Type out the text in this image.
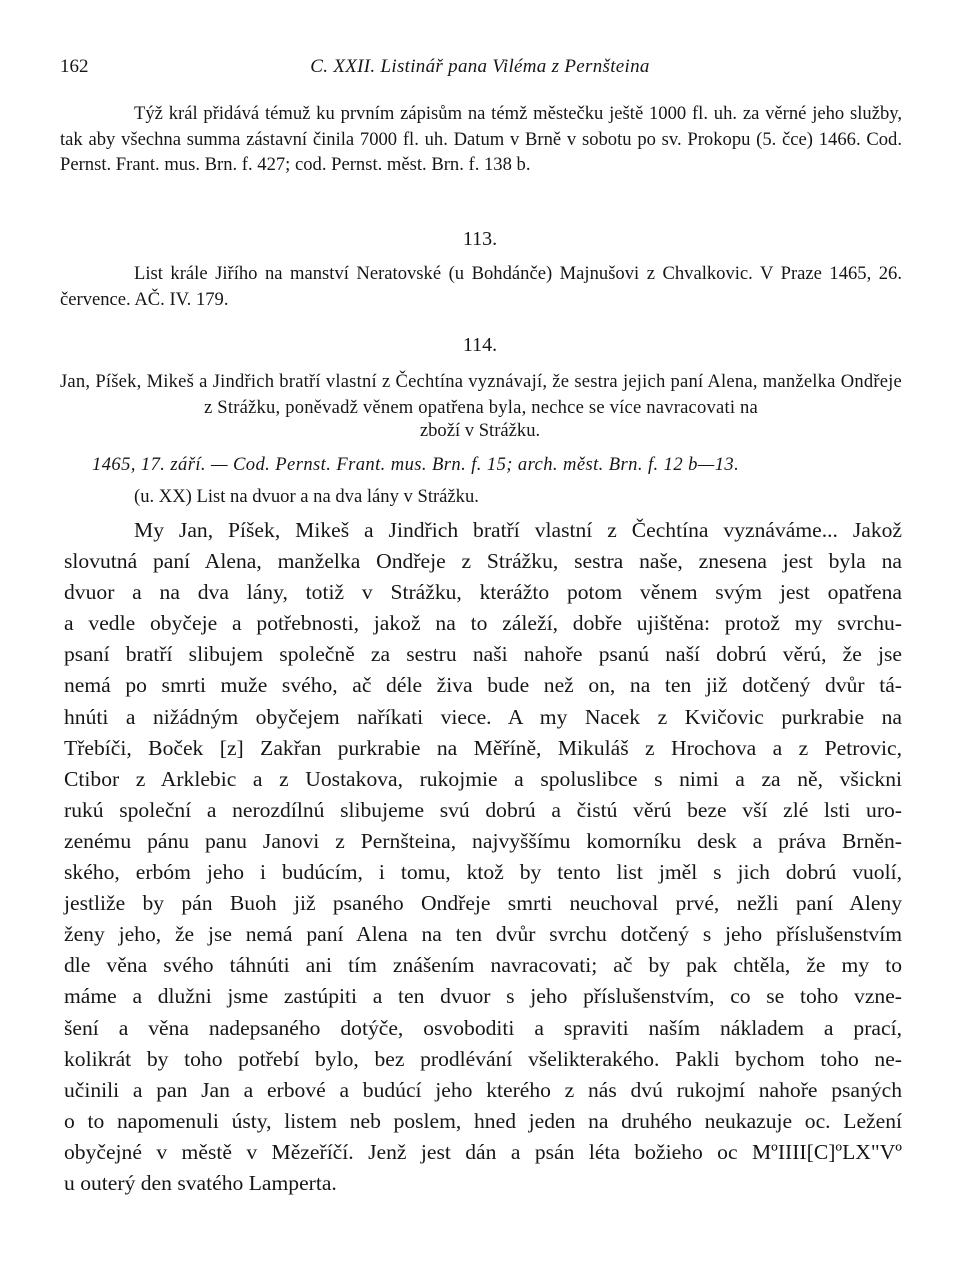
162	C. XXII. Listinář pana Viléma z Pernšteina
Týž král přidává témuž ku prvním zápisům na témž městečku ještě 1000 fl. uh. za věrné jeho služby, tak aby všechna summa zástavní činila 7000 fl. uh. Datum v Brně v sobotu po sv. Prokopu (5. čce) 1466. Cod. Pernst. Frant. mus. Brn. f. 427; cod. Pernst. měst. Brn. f. 138 b.
113.
List krále Jiřího na manství Neratovské (u Bohdánče) Majnušovi z Chvalkovic. V Praze 1465, 26. července. AČ. IV. 179.
114.
Jan, Píšek, Mikeš a Jindřich bratří vlastní z Čechtína vyznávají, že sestra jejich paní Alena, manželka Ondřeje z Strážku, poněvadž věnem opatřena byla, nechce se více navracovati na
zboží v Strážku.
1465, 17. září. — Cod. Pernst. Frant. mus. Brn. f. 15; arch. měst. Brn. f. 12 b—13.
(u. XX) List na dvuor a na dva lány v Strážku.
My Jan, Píšek, Mikeš a Jindřich bratří vlastní z Čechtína vyznáváme... Jakož
slovutná paní Alena, manželka Ondřeje z Strážku, sestra naše, znesena jest byla na
dvuor a na dva lány, totiž v Strážku, kterážto potom věnem svým jest opatřena
a vedle obyčeje a potřebnosti, jakož na to záleží, dobře ujištěna: protož my svrchu-
psaní bratří slibujem společně za sestru naši nahoře psanú naší dobrú věrú, že jse
nemá po smrti muže svého, ač déle živa bude než on, na ten již dotčený dvůr tá-
hnúti a nižádným obyčejem naříkati viece. A my Nacek z Kvičovic purkrabie na
Třebíči, Boček [z] Zakřan purkrabie na Měříně, Mikuláš z Hrochova a z Petrovic,
Ctibor z Arklebic a z Uostakova, rukojmie a spoluslibce s nimi a za ně, všickni
rukú společní a nerozdílnú slibujeme svú dobrú a čistú věrú beze vší zlé lsti uro-
zenému pánu panu Janovi z Pernšteina, najvyššímu komorníku desk a práva Brněn-
ského, erbóm jeho i budúcím, i tomu, ktož by tento list jměl s jich dobrú vuolí,
jestliže by pán Buoh již psaného Ondřeje smrti neuchoval prvé, nežli paní Aleny
ženy jeho, že jse nemá paní Alena na ten dvůr svrchu dotčený s jeho příslušenstvím
dle věna svého táhnúti ani tím znášením navracovati; ač by pak chtěla, že my to
máme a dlužni jsme zastúpiti a ten dvuor s jeho příslušenstvím, co se toho vzne-
šení a věna nadepsaného dotýče, osvoboditi a spraviti naším nákladem a prací,
kolikrát by toho potřebí bylo, bez prodlévání všelikterakého. Pakli bychom toho ne-
učinili a pan Jan a erbové a budúcí jeho kterého z nás dvú rukojmí nahoře psaných
o to napomenuli ústy, listem neb poslem, hned jeden na druhého neukazuje oc. Ležení
obyčejné v městě v Mězeříčí. Jenž jest dán a psán léta božieho oc MºIIII[C]ºLX"Vº
u outerý den svatého Lamperta.
